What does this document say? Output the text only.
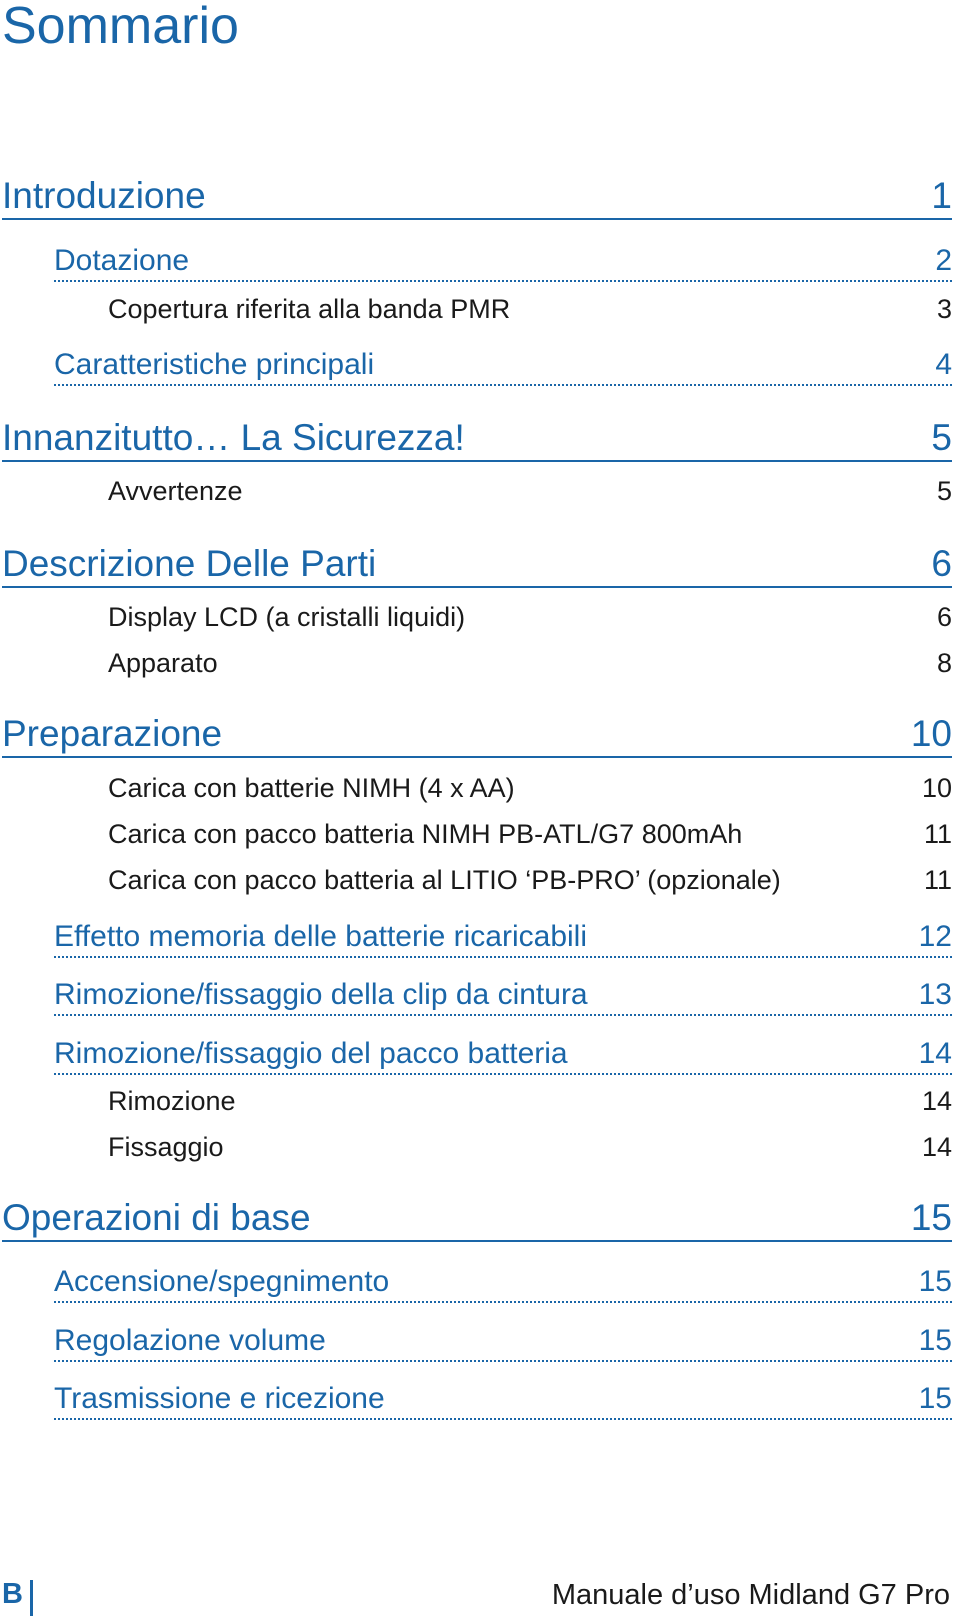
Sommario
Introduzione	1
Dotazione	2
Copertura riferita alla banda PMR	3
Caratteristiche principali	4
Innanzitutto… La Sicurezza!	5
Avvertenze	5
Descrizione Delle Parti	6
Display LCD (a cristalli liquidi)	6
Apparato	8
Preparazione	10
Carica con batterie NIMH (4 x AA)	10
Carica con pacco batteria NIMH PB-ATL/G7 800mAh	11
Carica con pacco batteria al LITIO ‘PB-PRO’ (opzionale)	11
Effetto memoria delle batterie ricaricabili	12
Rimozione/fissaggio della clip da cintura	13
Rimozione/fissaggio del pacco batteria	14
Rimozione	14
Fissaggio	14
Operazioni di base	15
Accensione/spegnimento	15
Regolazione volume	15
Trasmissione e ricezione	15
B	Manuale d’uso Midland G7 Pro
